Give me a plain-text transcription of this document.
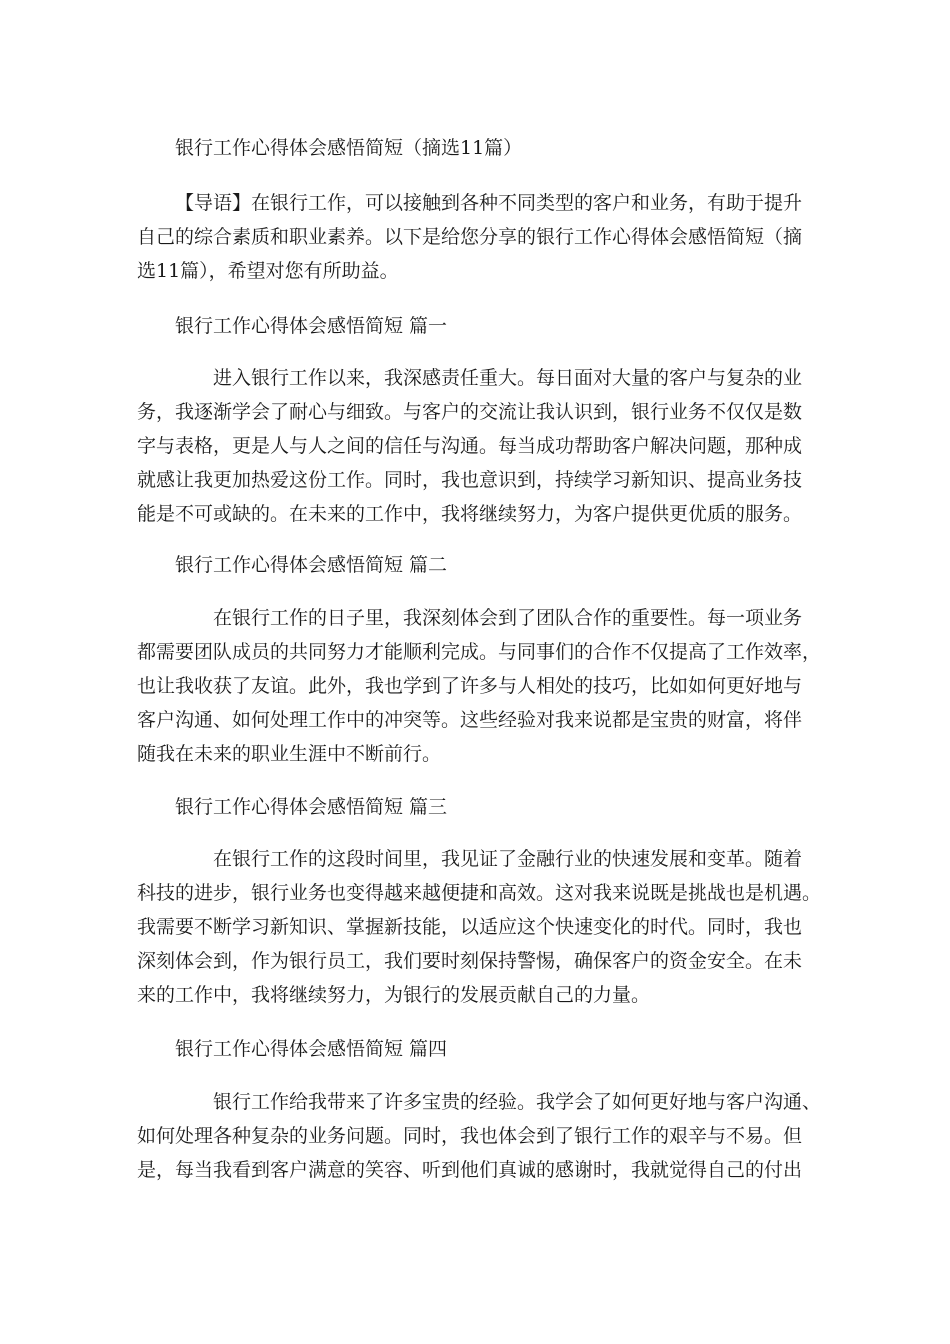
银行工作心得体会感悟简短（摘选11篇）
【导语】在银行工作，可以接触到各种不同类型的客户和业务，有助于提升
自己的综合素质和职业素养。以下是给您分享的银行工作心得体会感悟简短（摘
选11篇），希望对您有所助益。
银行工作心得体会感悟简短 篇一
进入银行工作以来，我深感责任重大。每日面对大量的客户与复杂的业
务，我逐渐学会了耐心与细致。与客户的交流让我认识到，银行业务不仅仅是数
字与表格，更是人与人之间的信任与沟通。每当成功帮助客户解决问题，那种成
就感让我更加热爱这份工作。同时，我也意识到，持续学习新知识、提高业务技
能是不可或缺的。在未来的工作中，我将继续努力，为客户提供更优质的服务。
银行工作心得体会感悟简短 篇二
在银行工作的日子里，我深刻体会到了团队合作的重要性。每一项业务
都需要团队成员的共同努力才能顺利完成。与同事们的合作不仅提高了工作效率，
也让我收获了友谊。此外，我也学到了许多与人相处的技巧，比如如何更好地与
客户沟通、如何处理工作中的冲突等。这些经验对我来说都是宝贵的财富，将伴
随我在未来的职业生涯中不断前行。
银行工作心得体会感悟简短 篇三
在银行工作的这段时间里，我见证了金融行业的快速发展和变革。随着
科技的进步，银行业务也变得越来越便捷和高效。这对我来说既是挑战也是机遇。
我需要不断学习新知识、掌握新技能，以适应这个快速变化的时代。同时，我也
深刻体会到，作为银行员工，我们要时刻保持警惕，确保客户的资金安全。在未
来的工作中，我将继续努力，为银行的发展贡献自己的力量。
银行工作心得体会感悟简短 篇四
银行工作给我带来了许多宝贵的经验。我学会了如何更好地与客户沟通、
如何处理各种复杂的业务问题。同时，我也体会到了银行工作的艰辛与不易。但
是，每当我看到客户满意的笑容、听到他们真诚的感谢时，我就觉得自己的付出
